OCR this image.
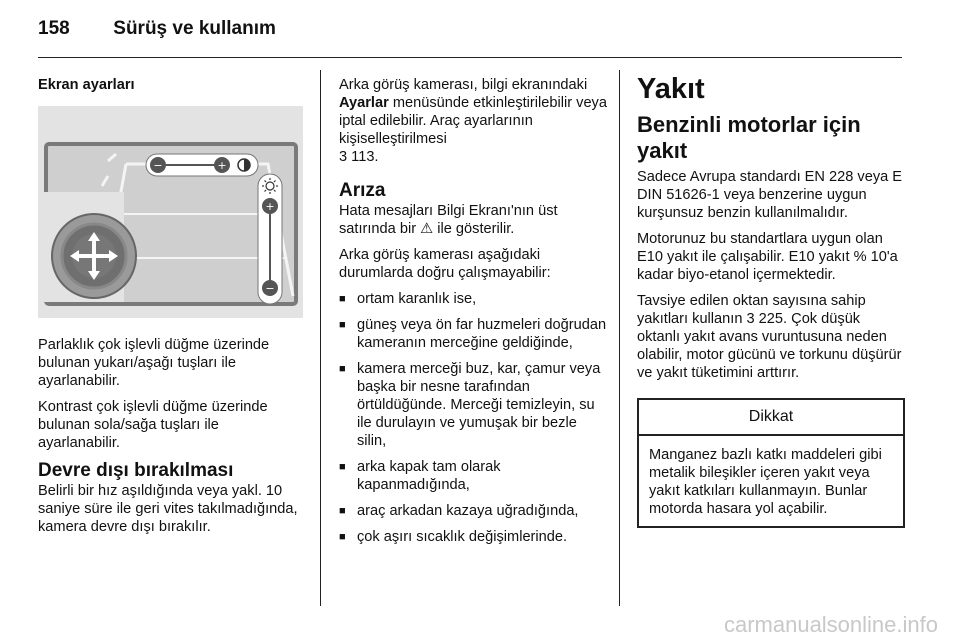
158 Sürüş ve kullanım
Ekran ayarları
−	+
+
−

Parlaklık çok işlevli düğme üzerinde bulunan yukarı/aşağı tuşları ile ayarlanabilir.

Kontrast çok işlevli düğme üzerinde bulunan sola/sağa tuşları ile ayarlanabilir.

Devre dışı bırakılması

Belirli bir hız aşıldığında veya yakl. 10 saniye süre ile geri vites takılmadığında, kamera devre dışı bırakılır.

Arka görüş kamerası, bilgi ekranındaki Ayarlar menüsünde etkinleştirilebilir veya iptal edilebilir. Araç ayarlarının kişiselleştirilmesi
3 113.

Arıza

Hata mesajları Bilgi Ekranı'nın üst satırında bir ⚠ ile gösterilir.

Arka görüş kamerası aşağıdaki durumlarda doğru çalışmayabilir:

■ ortam karanlık ise,
■ güneş veya ön far huzmeleri doğrudan kameranın merceğine geldiğinde,
■ kamera merceği buz, kar, çamur veya başka bir nesne tarafından örtüldüğünde. Merceği temizleyin, su ile durulayın ve yumuşak bir bezle silin,
■ arka kapak tam olarak kapanmadığında,
■ araç arkadan kazaya uğradığında,
■ çok aşırı sıcaklık değişimlerinde.
Yakıt
Benzinli motorlar için yakıt

Sadece Avrupa standardı EN 228 veya E DIN 51626-1 veya benzerine uygun kurşunsuz benzin kullanılmalıdır.

Motorunuz bu standartlara uygun olan E10 yakıt ile çalışabilir. E10 yakıt % 10'a kadar biyo-etanol içermektedir.

Tavsiye edilen oktan sayısına sahip yakıtları kullanın 3 225. Çok düşük oktanlı yakıt avans vuruntusuna neden olabilir, motor gücünü ve torkunu düşürür ve yakıt tüketimini arttırır.

Dikkat
Manganez bazlı katkı maddeleri gibi metalik bileşikler içeren yakıt veya yakıt katkıları kullanmayın. Bunlar motorda hasara yol açabilir.
carmanualsonline.info
